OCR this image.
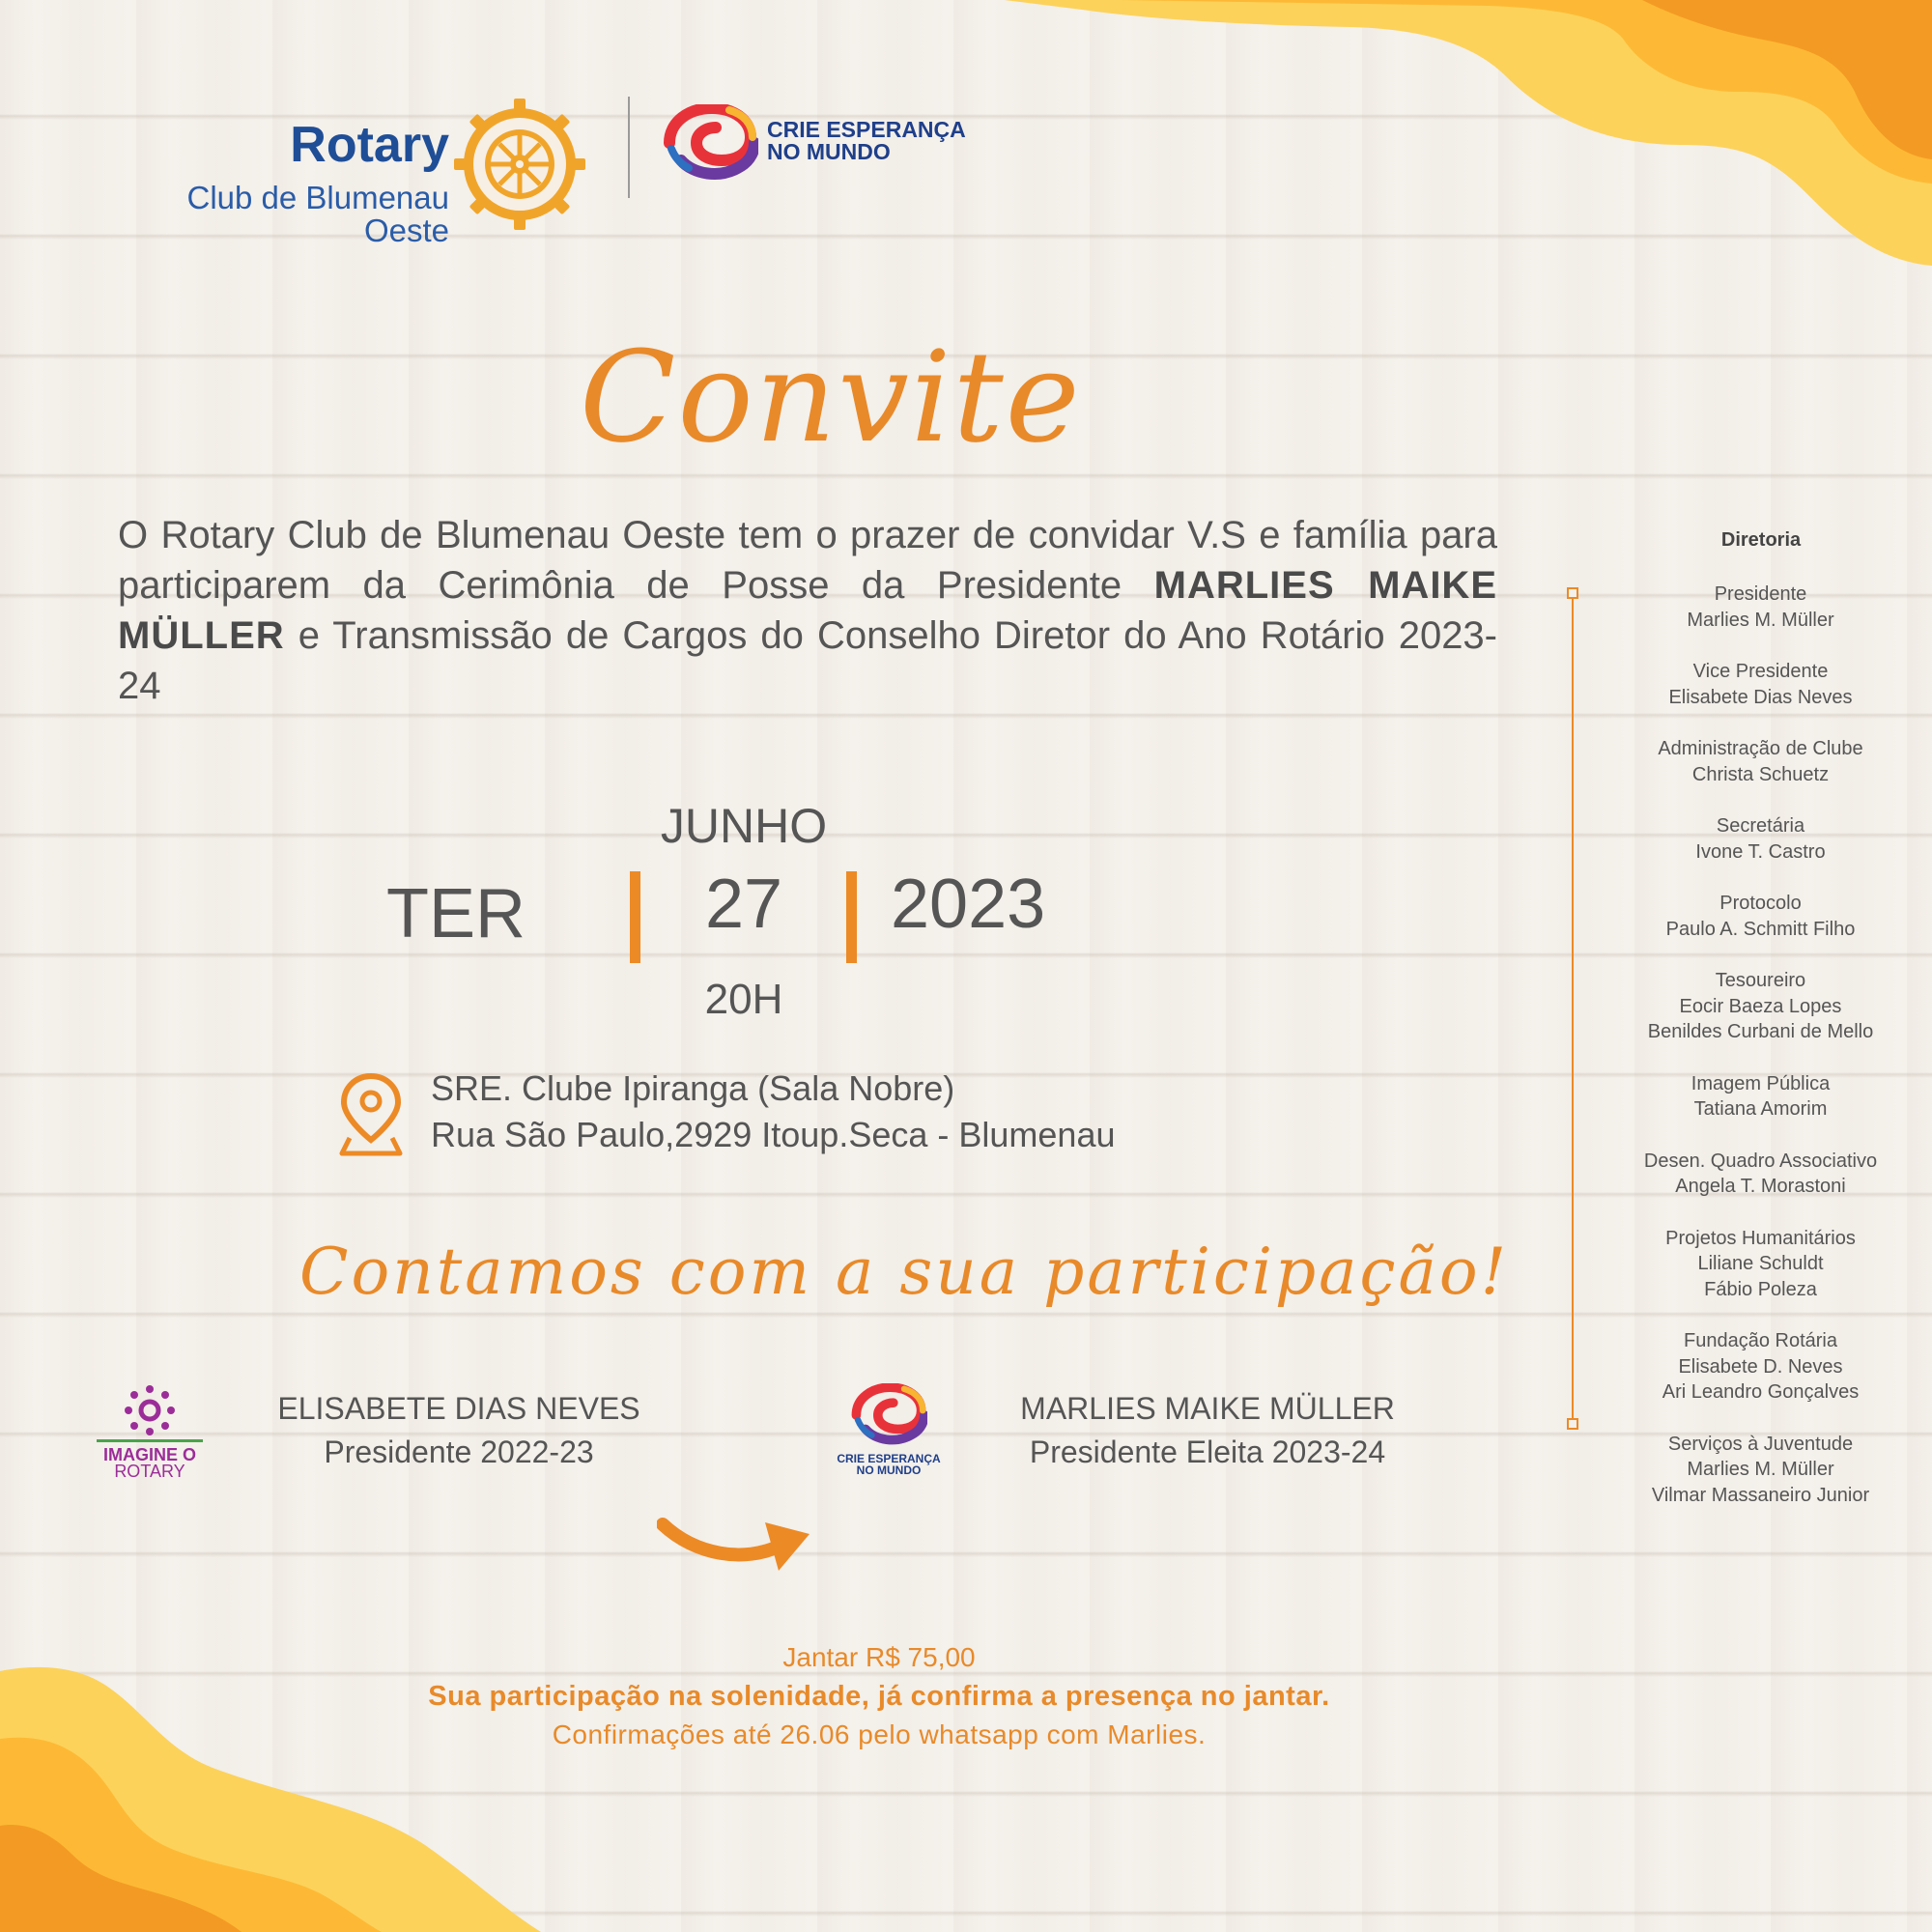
Rotary
Club de Blumenau
Oeste
CRIE ESPERANÇA
NO MUNDO
Convite
O Rotary Club de Blumenau Oeste tem o prazer de convidar V.S e família para participarem da Cerimônia de Posse da Presidente MARLIES MAIKE MÜLLER e Transmissão de Cargos do Conselho Diretor do Ano Rotário 2023-24
JUNHO
TER	27	2023
20H
SRE. Clube Ipiranga (Sala Nobre)
Rua São Paulo,2929 Itoup.Seca - Blumenau
Contamos com a sua participação!
IMAGINE O
ROTARY
ELISABETE DIAS NEVES
Presidente 2022-23	CRIE ESPERANÇA
NO MUNDO
MARLIES MAIKE MÜLLER
Presidente Eleita 2023-24
Jantar R$ 75,00
Sua participação na solenidade, já confirma a presença no jantar.
Confirmações até 26.06 pelo whatsapp com Marlies.
Diretoria
Presidente
Marlies M. Müller
Vice Presidente
Elisabete Dias Neves
Administração de Clube
Christa Schuetz
Secretária
Ivone T. Castro
Protocolo
Paulo A. Schmitt Filho
Tesoureiro
Eocir Baeza Lopes
Benildes Curbani de Mello
Imagem Pública
Tatiana Amorim
Desen. Quadro Associativo
Angela T. Morastoni
Projetos Humanitários
Liliane Schuldt
Fábio Poleza
Fundação Rotária
Elisabete D. Neves
Ari Leandro Gonçalves
Serviços à Juventude
Marlies M. Müller
Vilmar Massaneiro Junior
